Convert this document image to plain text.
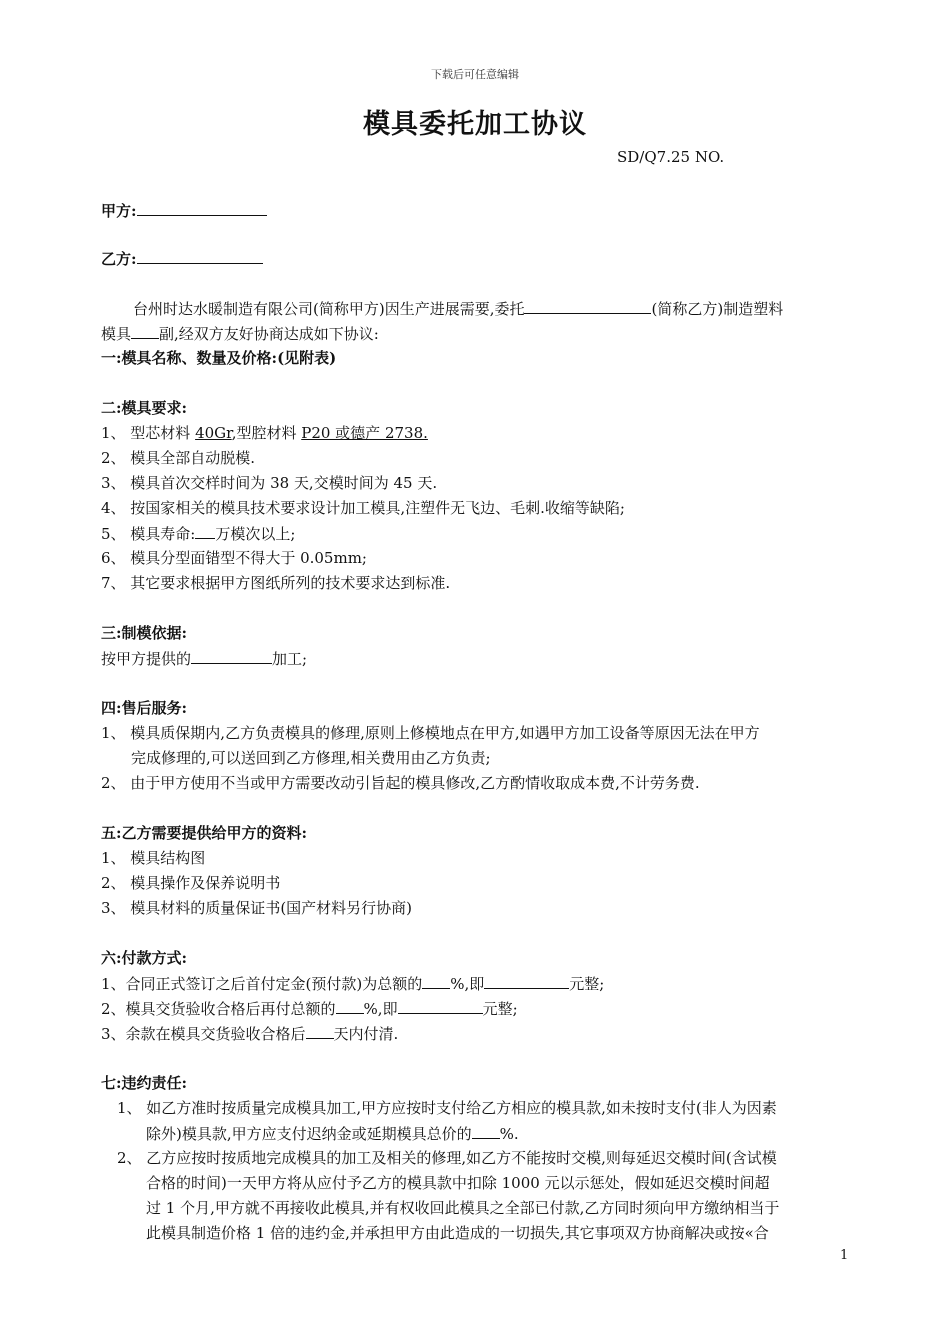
下载后可任意编辑
模具委托加工协议
SD/Q7.25 NO.
甲方:
乙方:
台州时达水暖制造有限公司(简称甲方)因生产进展需要,委托	(简称乙方)制造塑料
模具 副,经双方友好协商达成如下协议:
一:模具名称、数量及价格:(见附表)
二:模具要求:
1、 型芯材料 40Gr,型腔材料 P20 或德产 2738.
2、 模具全部自动脱模.
3、 模具首次交样时间为 38 天,交模时间为 45 天.
4、 按国家相关的模具技术要求设计加工模具,注塑件无飞边、毛刺.收缩等缺陷;
5、 模具寿命: 万模次以上;
6、 模具分型面错型不得大于 0.05mm;
7、 其它要求根据甲方图纸所列的技术要求达到标准.
三:制模依据:
按甲方提供的	加工;
四:售后服务:
1、 模具质保期内,乙方负责模具的修理,原则上修模地点在甲方,如遇甲方加工设备等原因无法在甲方
完成修理的,可以送回到乙方修理,相关费用由乙方负责;
2、 由于甲方使用不当或甲方需要改动引旨起的模具修改,乙方酌情收取成本费,不计劳务费.
五:乙方需要提供给甲方的资料:
1、 模具结构图
2、 模具操作及保养说明书
3、 模具材料的质量保证书(国产材料另行协商)
六:付款方式:
1、合同正式签订之后首付定金(预付款)为总额的 %,即	元整;
2、模具交货验收合格后再付总额的 %,即	元整;
3、余款在模具交货验收合格后 天内付清.
七:违约责任:
1、 如乙方准时按质量完成模具加工,甲方应按时支付给乙方相应的模具款,如未按时支付(非人为因素
除外)模具款,甲方应支付迟纳金或延期模具总价的 %.
2、 乙方应按时按质地完成模具的加工及相关的修理,如乙方不能按时交模,则每延迟交模时间(含试模
合格的时间)一天甲方将从应付予乙方的模具款中扣除 1000 元以示惩处，假如延迟交模时间超
过 1 个月,甲方就不再接收此模具,并有权收回此模具之全部已付款,乙方同时须向甲方缴纳相当于
此模具制造价格 1 倍的违约金,并承担甲方由此造成的一切损失,其它事项双方协商解决或按«合
1
